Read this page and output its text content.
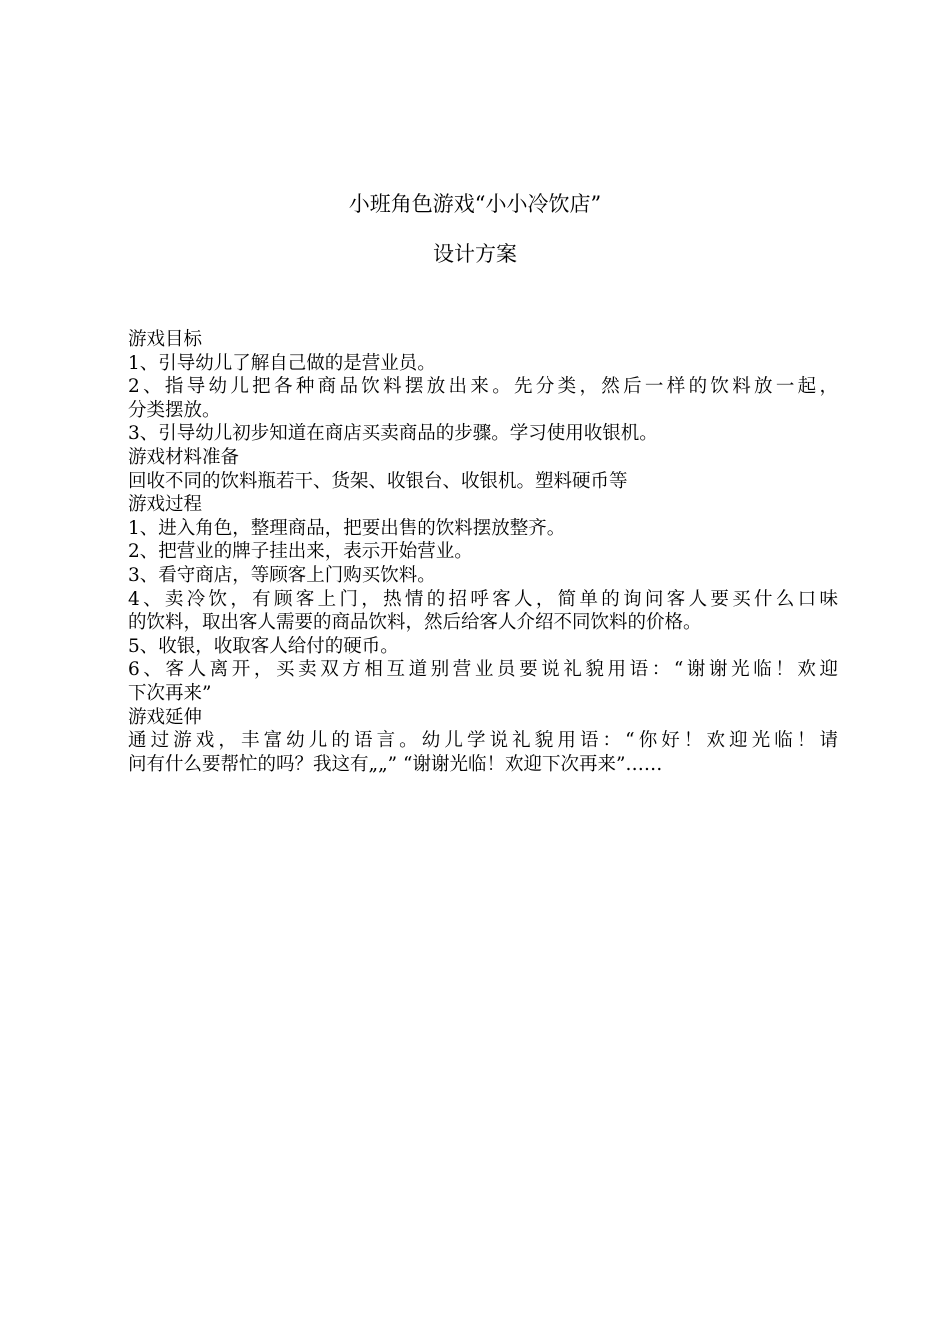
小班角色游戏“小小冷饮店”
设计方案
游戏目标
1、引导幼儿了解自己做的是营业员。
2、指导幼儿把各种商品饮料摆放出来。先分类，然后一样的饮料放一起，
分类摆放。
3、引导幼儿初步知道在商店买卖商品的步骤。学习使用收银机。
游戏材料准备
回收不同的饮料瓶若干、货架、收银台、收银机。塑料硬币等
游戏过程
1、进入角色，整理商品，把要出售的饮料摆放整齐。
2、把营业的牌子挂出来，表示开始营业。
3、看守商店，等顾客上门购买饮料。
4、卖冷饮，有顾客上门，热情的招呼客人，简单的询问客人要买什么口味
的饮料，取出客人需要的商品饮料，然后给客人介绍不同饮料的价格。
5、收银，收取客人给付的硬币。
6、客人离开，买卖双方相互道别营业员要说礼貌用语：“谢谢光临！欢迎
下次再来”
游戏延伸
通过游戏，丰富幼儿的语言。幼儿学说礼貌用语：“你好！欢迎光临！请
问有什么要帮忙的吗？我这有„„” “谢谢光临！欢迎下次再来”……
